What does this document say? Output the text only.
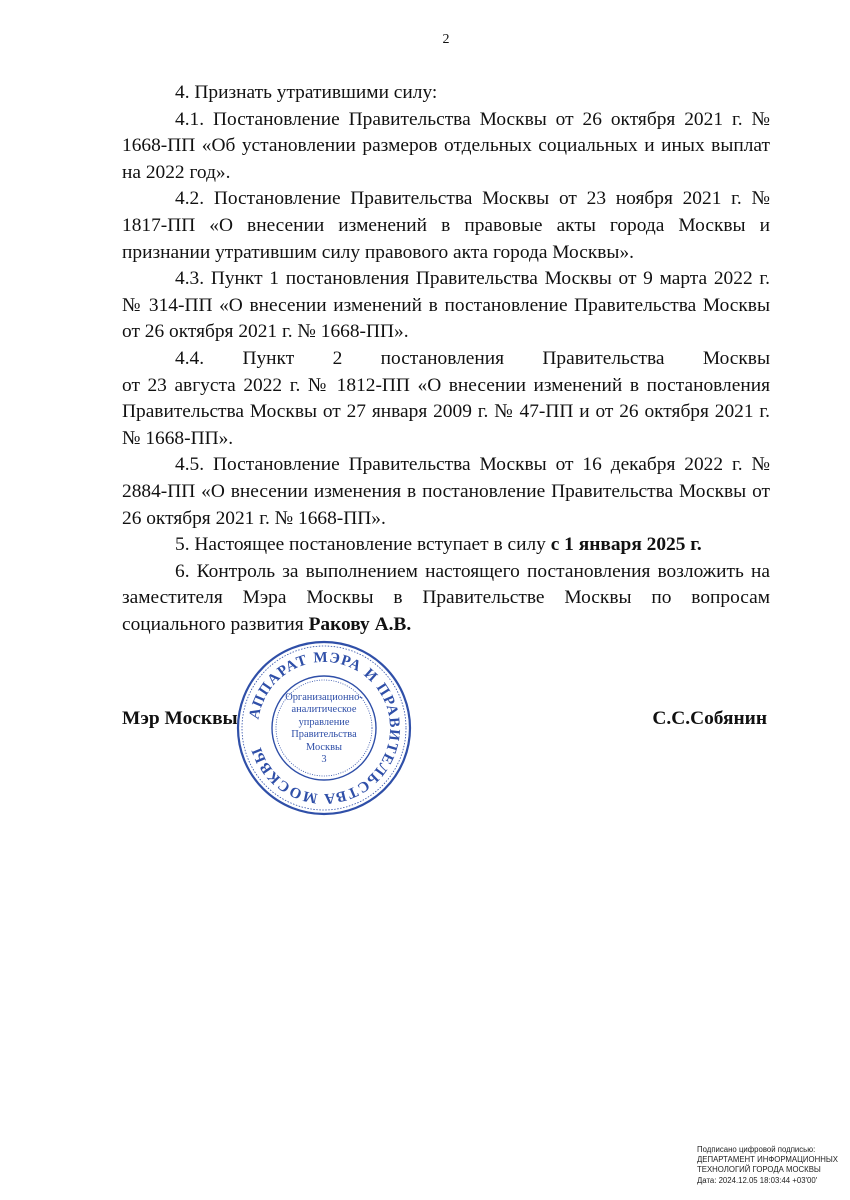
2

4. Признать утратившими силу:

4.1. Постановление Правительства Москвы от 26 октября 2021 г. № 1668-ПП «Об установлении размеров отдельных социальных и иных выплат на 2022 год».

4.2. Постановление Правительства Москвы от 23 ноября 2021 г. № 1817-ПП «О внесении изменений в правовые акты города Москвы и признании утратившим силу правового акта города Москвы».

4.3. Пункт 1 постановления Правительства Москвы от 9 марта 2022 г. № 314-ПП «О внесении изменений в постановление Правительства Москвы от 26 октября 2021 г. № 1668-ПП».

4.4. Пункт 2 постановления Правительства Москвы

от 23 августа 2022 г. № 1812-ПП «О внесении изменений в постановления Правительства Москвы от 27 января 2009 г. № 47-ПП и от 26 октября 2021 г. № 1668-ПП».

4.5. Постановление Правительства Москвы от 16 декабря 2022 г. № 2884-ПП «О внесении изменения в постановление Правительства Москвы от 26 октября 2021 г. № 1668-ПП».

5. Настоящее постановление вступает в силу с 1 января 2025 г.

6. Контроль за выполнением настоящего постановления возложить на заместителя Мэра Москвы в Правительстве Москвы по вопросам социального развития Ракову А.В.

Мэр Москвы	С.С.Собянин
АППАРАТ МЭРА И ПРАВИТЕЛЬСТВА МОСКВЫ
Организационно-
аналитическое
управление
Правительства
Москвы
3
Подписано цифровой подписью:
ДЕПАРТАМЕНТ ИНФОРМАЦИОННЫХ
ТЕХНОЛОГИЙ ГОРОДА МОСКВЫ
Дата: 2024.12.05 18:03:44 +03'00'
